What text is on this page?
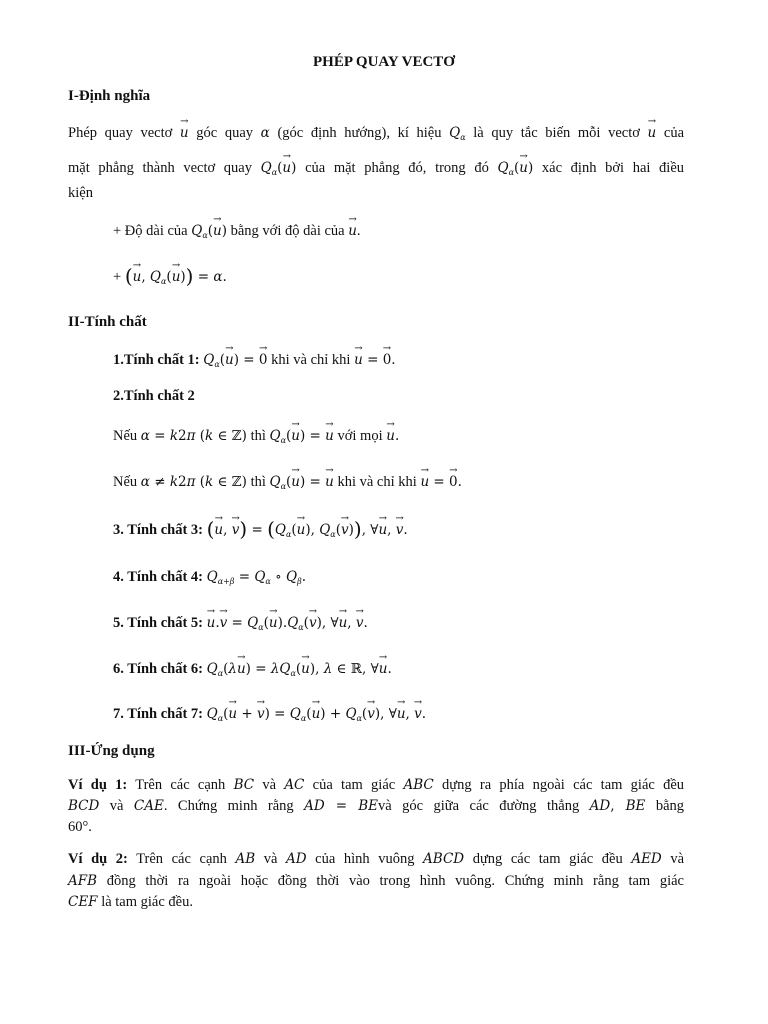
PHÉP QUAY VECTƠ
I-Định nghĩa
Phép quay vectơ → u góc quay α (góc định hướng), kí hiệu $Q_\alpha$ là quy tắc biến mỗi vectơ → u của
mặt phẳng thành vectơ quay $Q_\alpha(\to u)$ của mặt phẳng đó, trong đó $Q_\alpha(\to u)$ xác định bởi hai điều
kiện
+ Độ dài của $Q_\alpha(\to u)$ bằng với độ dài của → u.
+ (→ u, $Q_\alpha(\to u)) = \alpha$.
II-Tính chất
1.Tính chất 1: $Q_\alpha(\to u)$ = → 0 khi và chỉ khi → u = → 0.
2.Tính chất 2
Nếu α = k2π (k ∈ ℤ) thì $Q_\alpha(\to u)$ = → u với mọi → u.
Nếu α ≠ k2π (k ∈ ℤ) thì $Q_\alpha(\to u)$ = → u khi và chỉ khi → u = → 0.
3. Tính chất 3: (→ u, → $v) = (Q_\alpha(\to u)$, $Q_\alpha(\to v)$), ∀→ u, → v.
4. Tính chất 4: $Q_{\alpha+\beta} = Q_\alpha$ ∘ $Q_\beta$.
5. Tính chất 5: → $u.\to v = Q_\alpha(\to u).Q_\alpha(\to v)$, ∀→ u, → v.
6. Tính chất 6: $Q_\alpha(\lambda\to u) = \lambda Q_\alpha(\to u)$, λ ∈ ℝ, ∀→ u.
7. Tính chất 7: $Q_\alpha(\to u$ + → $v) = Q_\alpha(\to u) + Q_\alpha(\to v)$, ∀→ u, → v.
III-Ứng dụng
Ví dụ 1: Trên các cạnh BC và AC của tam giác ABC dựng ra phía ngoài các tam giác đều
BCD và CAE. Chứng minh rằng AD = BEvà góc giữa các đường thẳng AD, BE bằng
60°.
Ví dụ 2: Trên các cạnh AB và AD của hình vuông ABCD dựng các tam giác đều AED và
AFB đồng thời ra ngoài hoặc đồng thời vào trong hình vuông. Chứng minh rằng tam giác
CEF là tam giác đều.
